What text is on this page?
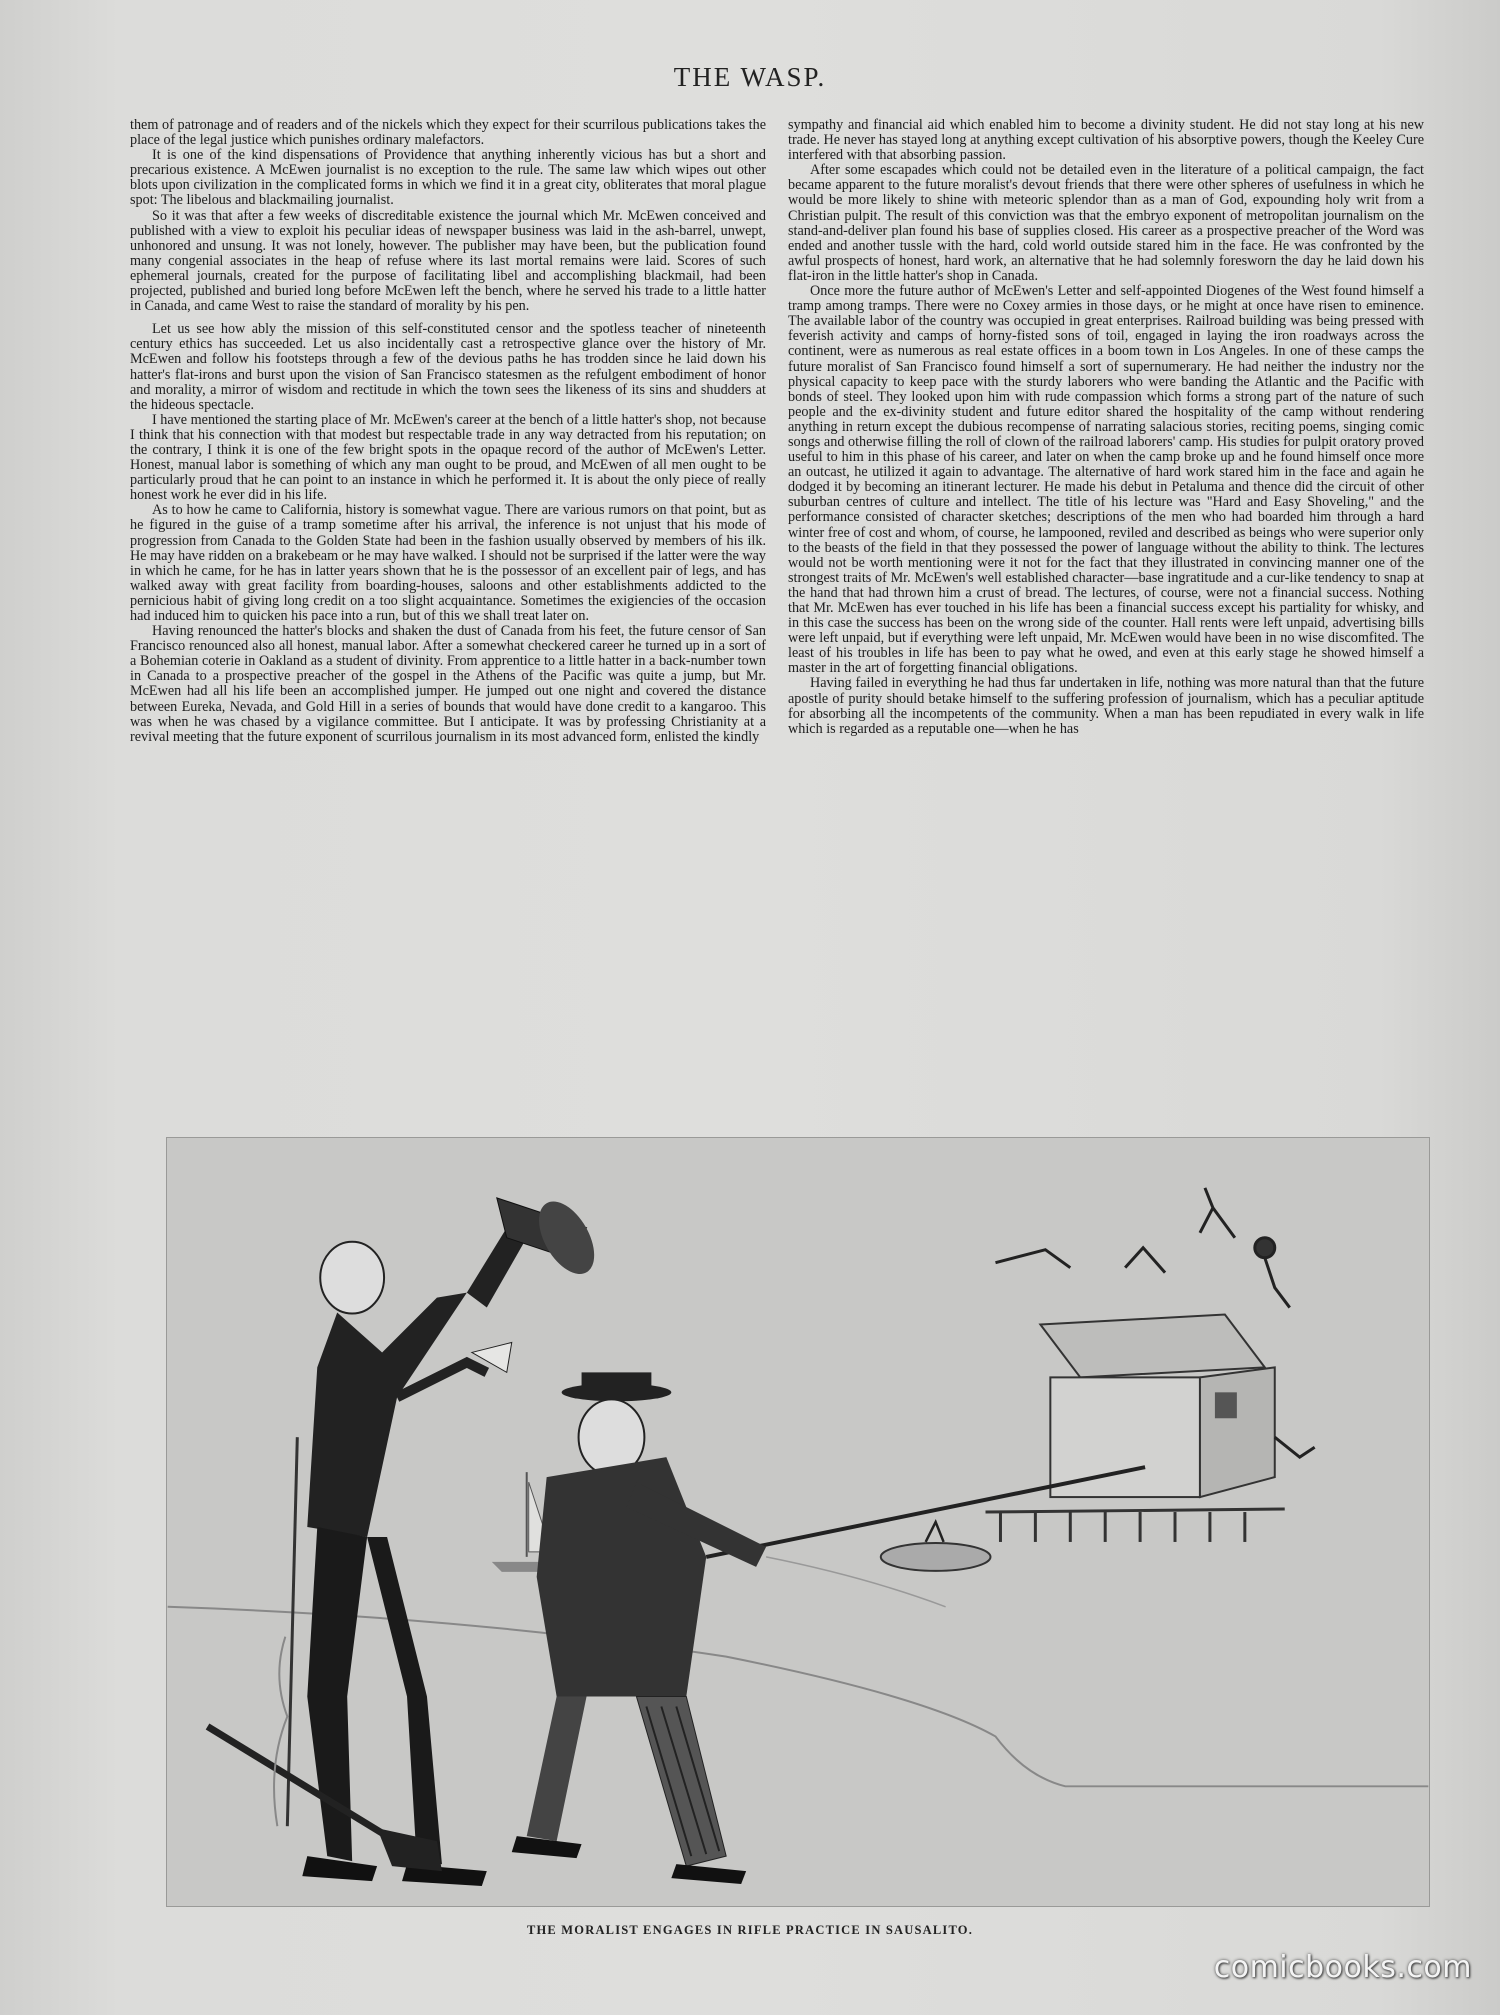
THE WASP.

them of patronage and of readers and of the nickels which they expect for their scurrilous publications takes the place of the legal justice which punishes ordinary malefactors.

It is one of the kind dispensations of Providence that anything inherently vicious has but a short and precarious existence. A McEwen journalist is no exception to the rule. The same law which wipes out other blots upon civilization in the complicated forms in which we find it in a great city, obliterates that moral plague spot: The libelous and blackmailing journalist.

So it was that after a few weeks of discreditable existence the journal which Mr. McEwen conceived and published with a view to exploit his peculiar ideas of newspaper business was laid in the ash-barrel, unwept, unhonored and unsung. It was not lonely, however. The publisher may have been, but the publication found many congenial associates in the heap of refuse where its last mortal remains were laid. Scores of such ephemeral journals, created for the purpose of facilitating libel and accomplishing blackmail, had been projected, published and buried long before McEwen left the bench, where he served his trade to a little hatter in Canada, and came West to raise the standard of morality by his pen.

Let us see how ably the mission of this self-constituted censor and the spotless teacher of nineteenth century ethics has succeeded. Let us also incidentally cast a retrospective glance over the history of Mr. McEwen and follow his footsteps through a few of the devious paths he has trodden since he laid down his hatter's flat-irons and burst upon the vision of San Francisco statesmen as the refulgent embodiment of honor and morality, a mirror of wisdom and rectitude in which the town sees the likeness of its sins and shudders at the hideous spectacle.

I have mentioned the starting place of Mr. McEwen's career at the bench of a little hatter's shop, not because I think that his connection with that modest but respectable trade in any way detracted from his reputation; on the contrary, I think it is one of the few bright spots in the opaque record of the author of McEwen's Letter. Honest, manual labor is something of which any man ought to be proud, and McEwen of all men ought to be particularly proud that he can point to an instance in which he performed it. It is about the only piece of really honest work he ever did in his life.

As to how he came to California, history is somewhat vague. There are various rumors on that point, but as he figured in the guise of a tramp sometime after his arrival, the inference is not unjust that his mode of progression from Canada to the Golden State had been in the fashion usually observed by members of his ilk. He may have ridden on a brakebeam or he may have walked. I should not be surprised if the latter were the way in which he came, for he has in latter years shown that he is the possessor of an excellent pair of legs, and has walked away with great facility from boarding-houses, saloons and other establishments addicted to the pernicious habit of giving long credit on a too slight acquaintance. Sometimes the exigiencies of the occasion had induced him to quicken his pace into a run, but of this we shall treat later on.

Having renounced the hatter's blocks and shaken the dust of Canada from his feet, the future censor of San Francisco renounced also all honest, manual labor. After a somewhat checkered career he turned up in a sort of a Bohemian coterie in Oakland as a student of divinity. From apprentice to a little hatter in a back-number town in Canada to a prospective preacher of the gospel in the Athens of the Pacific was quite a jump, but Mr. McEwen had all his life been an accomplished jumper. He jumped out one night and covered the distance between Eureka, Nevada, and Gold Hill in a series of bounds that would have done credit to a kangaroo. This was when he was chased by a vigilance committee. But I anticipate. It was by professing Christianity at a revival meeting that the future exponent of scurrilous journalism in its most advanced form, enlisted the kindly

sympathy and financial aid which enabled him to become a divinity student. He did not stay long at his new trade. He never has stayed long at anything except cultivation of his absorptive powers, though the Keeley Cure interfered with that absorbing passion.

After some escapades which could not be detailed even in the literature of a political campaign, the fact became apparent to the future moralist's devout friends that there were other spheres of usefulness in which he would be more likely to shine with meteoric splendor than as a man of God, expounding holy writ from a Christian pulpit. The result of this conviction was that the embryo exponent of metropolitan journalism on the stand-and-deliver plan found his base of supplies closed. His career as a prospective preacher of the Word was ended and another tussle with the hard, cold world outside stared him in the face. He was confronted by the awful prospects of honest, hard work, an alternative that he had solemnly foresworn the day he laid down his flat-iron in the little hatter's shop in Canada.

Once more the future author of McEwen's Letter and self-appointed Diogenes of the West found himself a tramp among tramps. There were no Coxey armies in those days, or he might at once have risen to eminence. The available labor of the country was occupied in great enterprises. Railroad building was being pressed with feverish activity and camps of horny-fisted sons of toil, engaged in laying the iron roadways across the continent, were as numerous as real estate offices in a boom town in Los Angeles. In one of these camps the future moralist of San Francisco found himself a sort of supernumerary. He had neither the industry nor the physical capacity to keep pace with the sturdy laborers who were banding the Atlantic and the Pacific with bonds of steel. They looked upon him with rude compassion which forms a strong part of the nature of such people and the ex-divinity student and future editor shared the hospitality of the camp without rendering anything in return except the dubious recompense of narrating salacious stories, reciting poems, singing comic songs and otherwise filling the roll of clown of the railroad laborers' camp. His studies for pulpit oratory proved useful to him in this phase of his career, and later on when the camp broke up and he found himself once more an outcast, he utilized it again to advantage. The alternative of hard work stared him in the face and again he dodged it by becoming an itinerant lecturer. He made his debut in Petaluma and thence did the circuit of other suburban centres of culture and intellect. The title of his lecture was "Hard and Easy Shoveling," and the performance consisted of character sketches; descriptions of the men who had boarded him through a hard winter free of cost and whom, of course, he lampooned, reviled and described as beings who were superior only to the beasts of the field in that they possessed the power of language without the ability to think. The lectures would not be worth mentioning were it not for the fact that they illustrated in convincing manner one of the strongest traits of Mr. McEwen's well established character—base ingratitude and a cur-like tendency to snap at the hand that had thrown him a crust of bread. The lectures, of course, were not a financial success. Nothing that Mr. McEwen has ever touched in his life has been a financial success except his partiality for whisky, and in this case the success has been on the wrong side of the counter. Hall rents were left unpaid, advertising bills were left unpaid, but if everything were left unpaid, Mr. McEwen would have been in no wise discomfited. The least of his troubles in life has been to pay what he owed, and even at this early stage he showed himself a master in the art of forgetting financial obligations.

Having failed in everything he had thus far undertaken in life, nothing was more natural than that the future apostle of purity should betake himself to the suffering profession of journalism, which has a peculiar aptitude for absorbing all the incompetents of the community. When a man has been repudiated in every walk in life which is regarded as a reputable one—when he has

THE MORALIST ENGAGES IN RIFLE PRACTICE IN SAUSALITO.
comicbooks.com
